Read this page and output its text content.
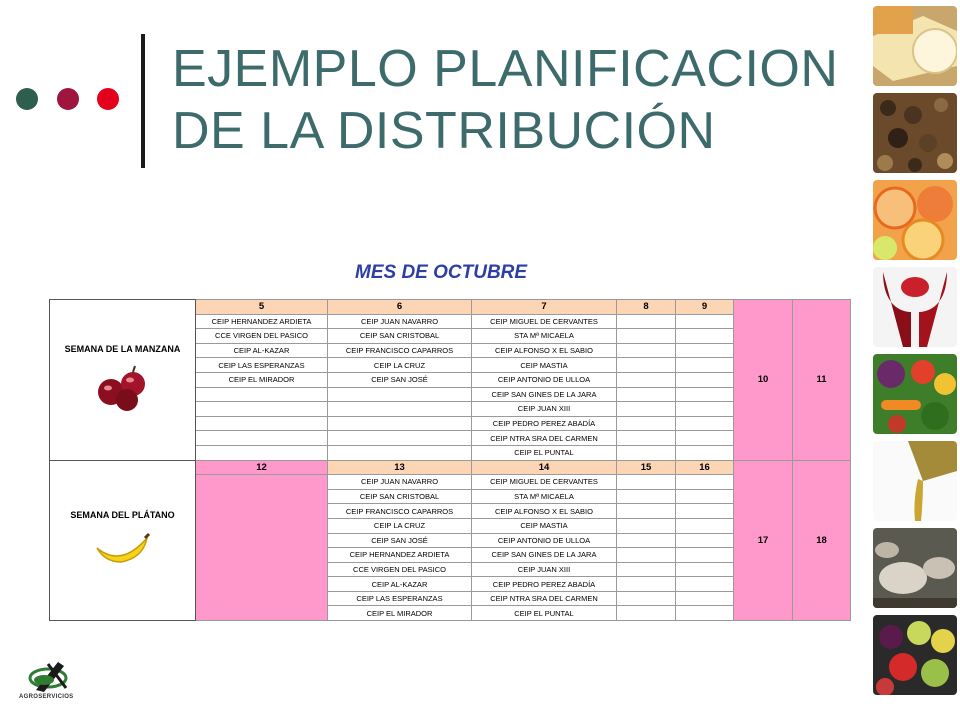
EJEMPLO PLANIFICACION
DE LA DISTRIBUCIÓN
MES DE OCTUBRE
SEMANA DE LA MANZANA	5	6	7	8	9	10	11
	CEIP HERNANDEZ ARDIETA	CEIP JUAN NAVARRO	CEIP MIGUEL DE CERVANTES				
	CCE VIRGEN DEL PASICO	CEIP SAN CRISTOBAL	STA Mª MICAELA				
	CEIP AL-KAZAR	CEIP FRANCISCO CAPARROS	CEIP ALFONSO X EL SABIO				
	CEIP LAS ESPERANZAS	CEIP LA CRUZ	CEIP MASTIA				
	CEIP EL MIRADOR	CEIP SAN JOSÉ	CEIP ANTONIO DE ULLOA				
			CEIP SAN GINES DE LA JARA				
			CEIP JUAN XIII				
			CEIP PEDRO PEREZ ABADÍA				
			CEIP NTRA SRA DEL CARMEN				
			CEIP EL PUNTAL				

SEMANA DEL PLÁTANO	12	13	14	15	16	17	18
		CEIP JUAN NAVARRO	CEIP MIGUEL DE CERVANTES				
		CEIP SAN CRISTOBAL	STA Mª MICAELA				
		CEIP FRANCISCO CAPARROS	CEIP ALFONSO X EL SABIO				
		CEIP LA CRUZ	CEIP MASTIA				
		CEIP SAN JOSÉ	CEIP ANTONIO DE ULLOA				
		CEIP HERNANDEZ ARDIETA	CEIP SAN GINES DE LA JARA				
		CCE VIRGEN DEL PASICO	CEIP JUAN XIII				
		CEIP AL-KAZAR	CEIP PEDRO PEREZ ABADÍA				
		CEIP LAS ESPERANZAS	CEIP NTRA SRA DEL CARMEN				
		CEIP EL MIRADOR	CEIP EL PUNTAL				
AGROSERVICIOS
